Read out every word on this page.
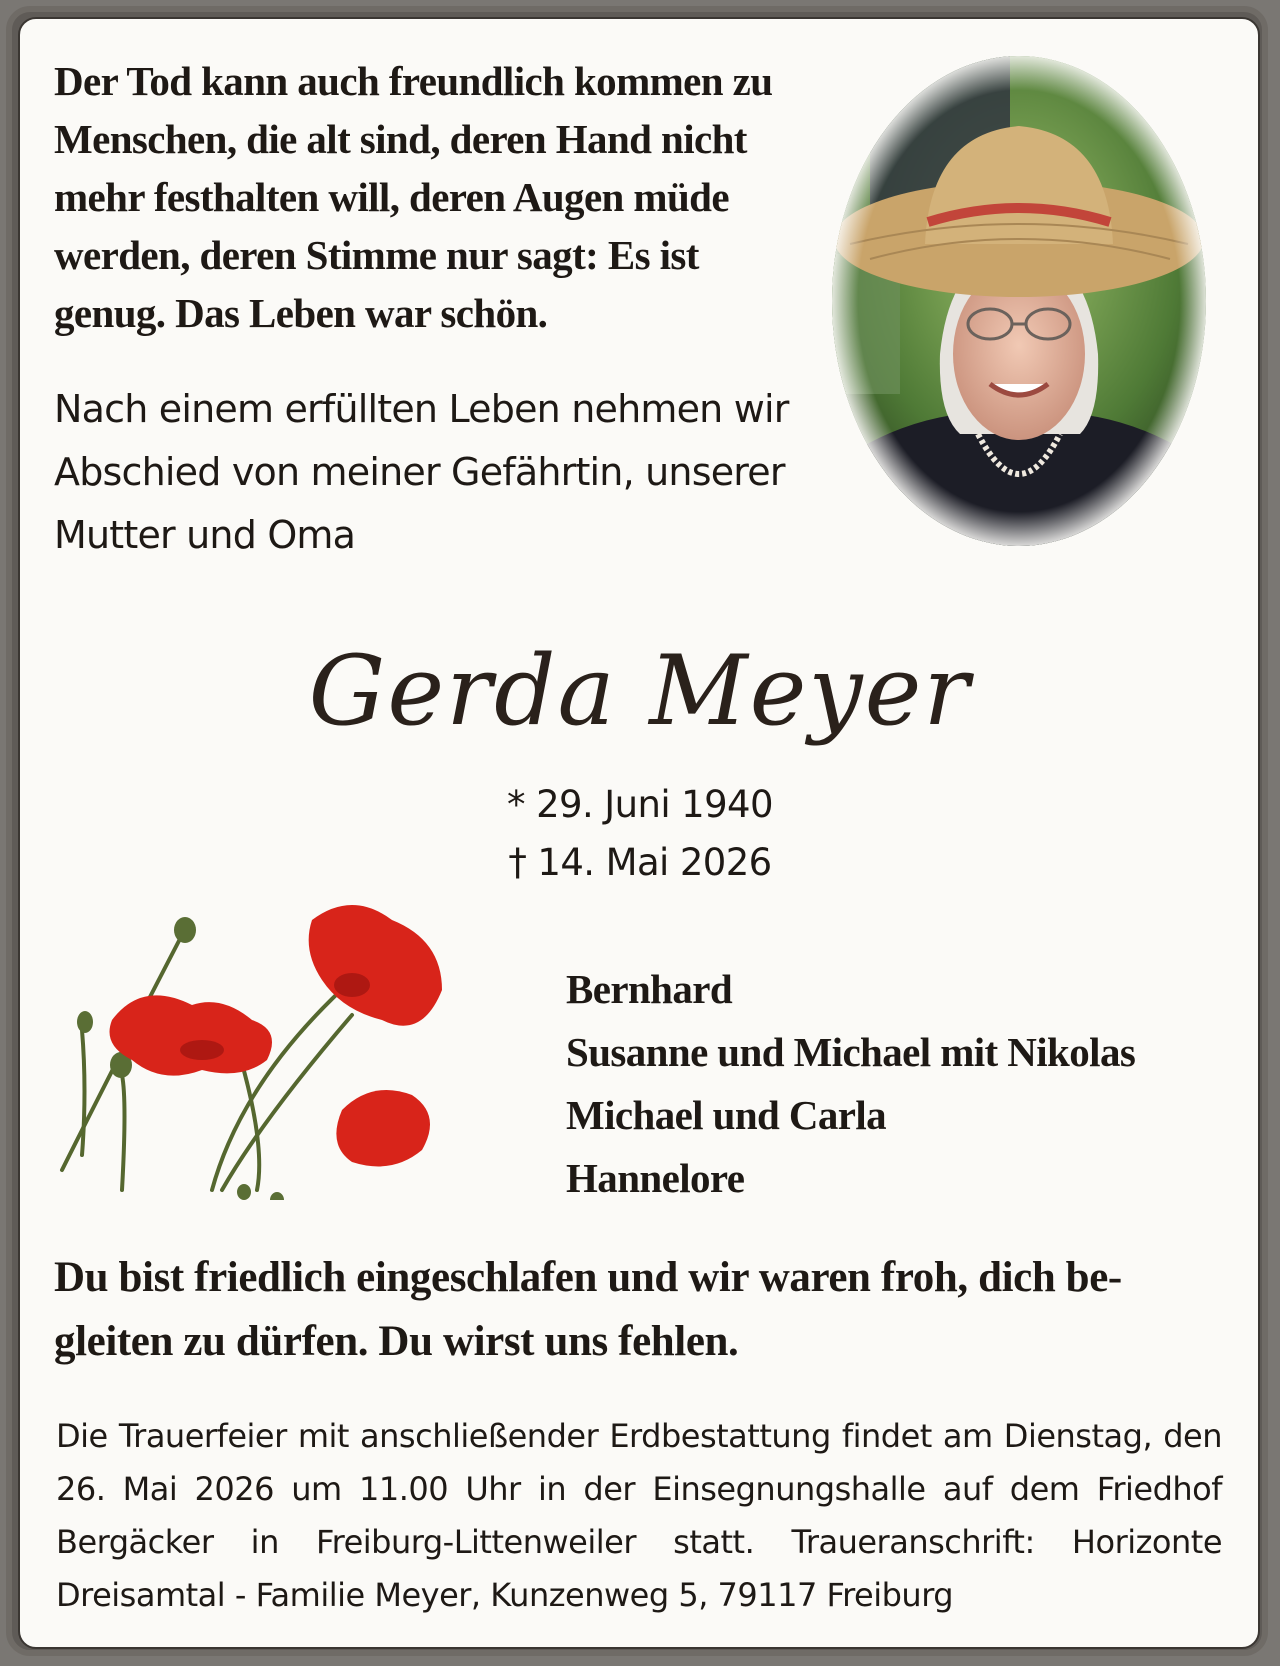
Der Tod kann auch freundlich kommen zu Menschen, die alt sind, deren Hand nicht mehr festhalten will, deren Augen müde werden, deren Stimme nur sagt: Es ist genug. Das Leben war schön.

Nach einem erfüllten Leben nehmen wir Abschied von meiner Gefährtin, unserer Mutter und Oma

Gerda Meyer
* 29. Juni 1940
† 14. Mai 2026
Bernhard
Susanne und Michael mit Nikolas
Michael und Carla
Hannelore

Du bist friedlich eingeschlafen und wir waren froh, dich be-gleiten zu dürfen. Du wirst uns fehlen.

Die Trauerfeier mit anschließender Erdbestattung findet am Dienstag, den 26. Mai 2026 um 11.00 Uhr in der Einsegnungshalle auf dem Friedhof Bergäcker in Freiburg-Littenweiler statt. Traueranschrift: Horizonte Dreisamtal - Familie Meyer, Kunzenweg 5, 79117 Freiburg
